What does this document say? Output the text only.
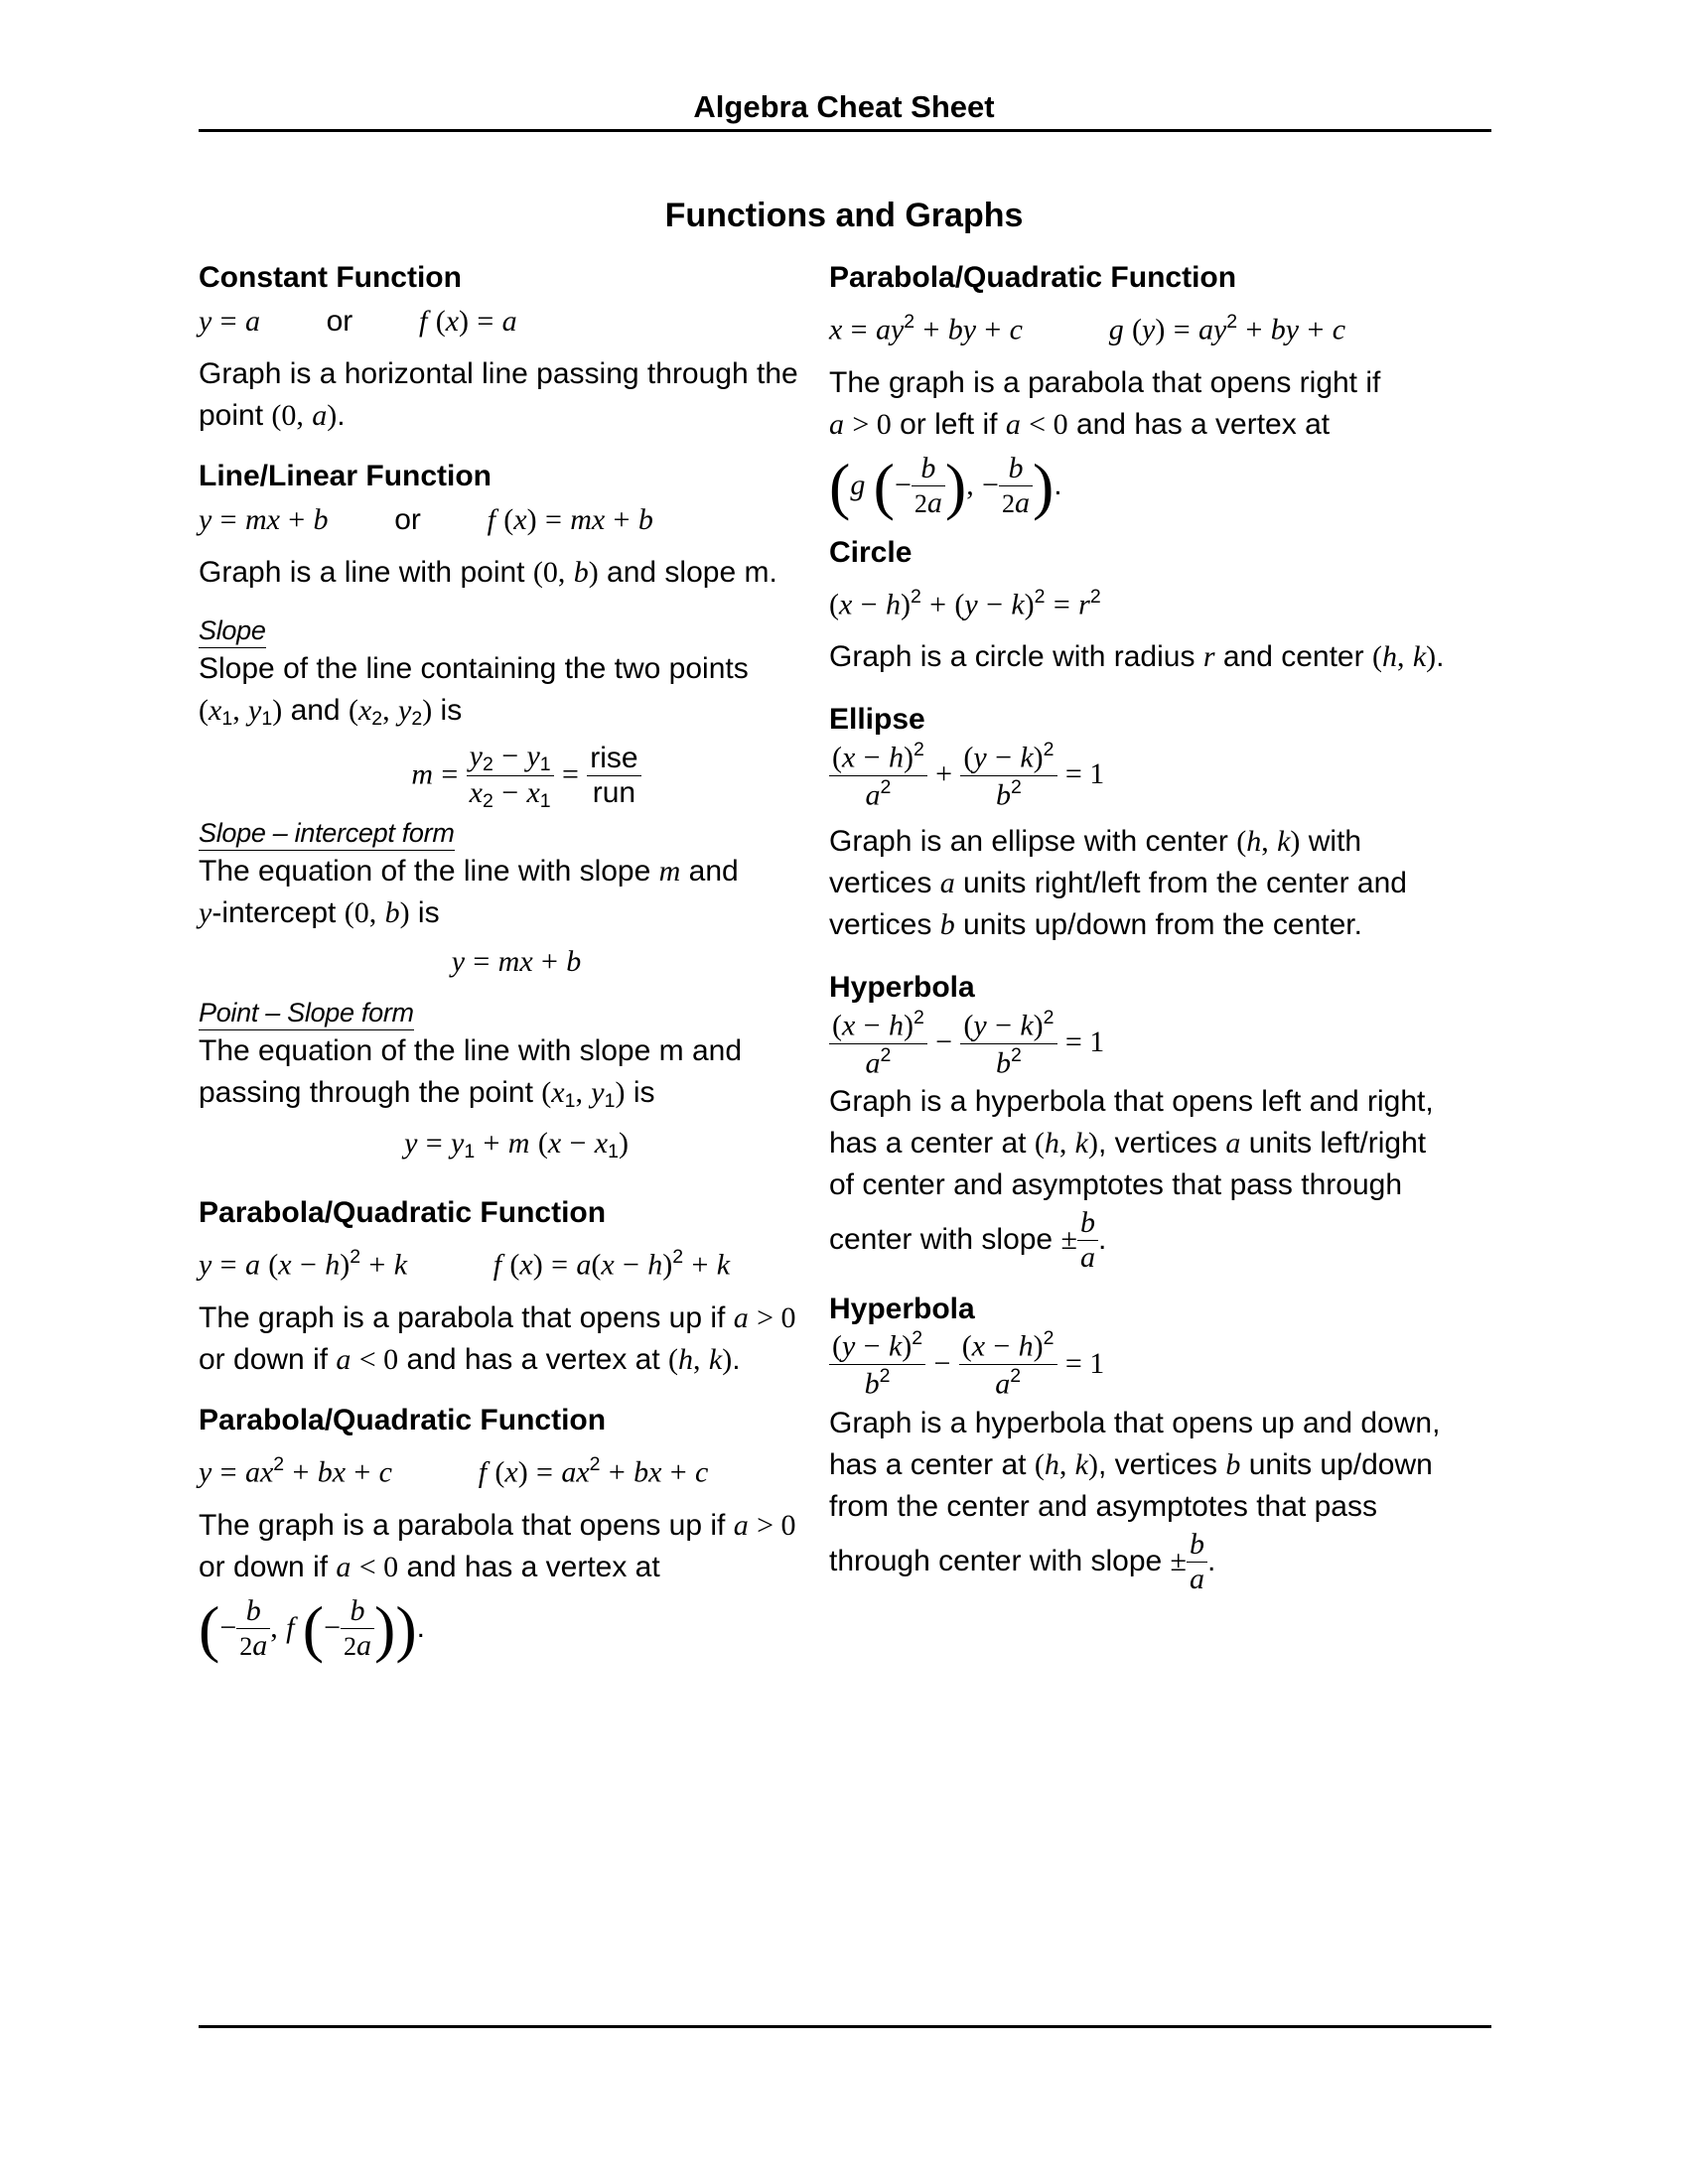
Algebra Cheat Sheet
Functions and Graphs

Constant Function

y = a or f (x) = a

Graph is a horizontal line passing through the point (0, a).

Line/Linear Function

y = mx + b or f (x) = mx + b

Graph is a line with point (0, b) and slope m.

Slope

Slope of the line containing the two points
($x_1$, $y_1$) and ($x_2$, $y_2$) is

$m = \frac{y_2 - y_1}{x_2 - x_1} = \frac{\text{rise}}{\text{run}}$

Slope – intercept form

The equation of the line with slope m and
y-intercept (0, b) is

y = mx + b

Point – Slope form

The equation of the line with slope m and
passing through the point ($x_1$, $y_1$) is

$y = y_1 + m$ $(x - x_1)$

Parabola/Quadratic Function

y = a $(x - h)^2 + k$	f $(x) = a(x - h)^2 + k$

The graph is a parabola that opens up if a > 0
or down if a < 0 and has a vertex at (h, k).

Parabola/Quadratic Function

$y = ax^2$ + bx + c	f $(x) = ax^2$ + bx + c

The graph is a parabola that opens up if a > 0
or down if a < 0 and has a vertex at

(− $\frac{b}{2a}$ , f (− $\frac{b}{2a}$ )).

Parabola/Quadratic Function

$x = ay^2$ + by + c	g $(y) = ay^2$ + by + c

The graph is a parabola that opens right if
a > 0 or left if a < 0 and has a vertex at

(g (− $\frac{b}{2a}$ ), − $\frac{b}{2a}$ ).

Circle

$(x - h)^2 + (y - k)^2 = r^2$

Graph is a circle with radius r and center (h, k).

Ellipse

$\frac{(x - h)^2}{a^2} + \frac{(y - k)^2}{b^2} = 1$

Graph is an ellipse with center (h, k) with
vertices a units right/left from the center and
vertices b units up/down from the center.

Hyperbola

$\frac{(x - h)^2}{a^2} - \frac{(y - k)^2}{b^2} = 1$

Graph is a hyperbola that opens left and right,
has a center at (h, k), vertices a units left/right
of center and asymptotes that pass through
center with slope ± $\frac{b}{a}$ .

Hyperbola

$\frac{(y - k)^2}{b^2} - \frac{(x - h)^2}{a^2} = 1$

Graph is a hyperbola that opens up and down,
has a center at (h, k), vertices b units up/down
from the center and asymptotes that pass
through center with slope ± $\frac{b}{a}$ .
